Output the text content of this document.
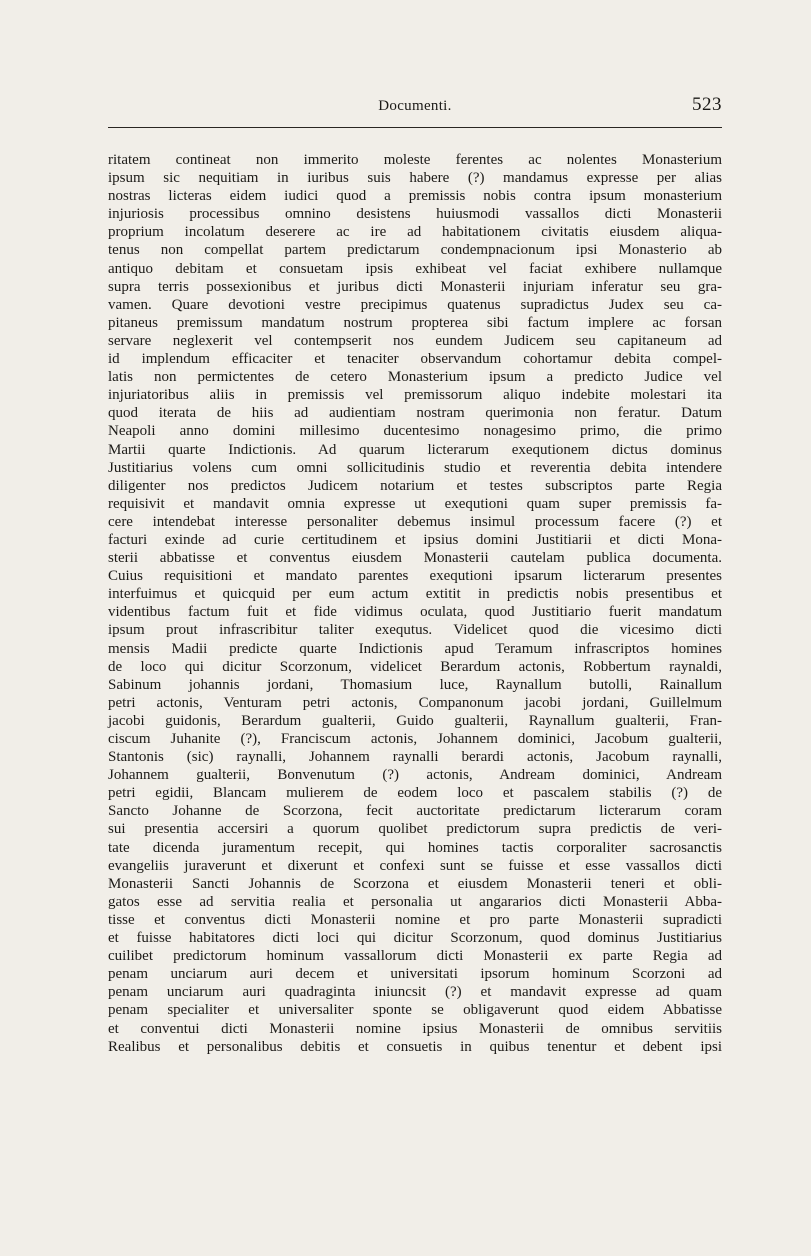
Documenti.	523
ritatem contineat non immerito moleste ferentes ac nolentes Monasterium
ipsum sic nequitiam in iuribus suis habere (?) mandamus expresse per alias
nostras licteras eidem iudici quod a premissis nobis contra ipsum monasterium
injuriosis processibus omnino desistens huiusmodi vassallos dicti Monasterii
proprium incolatum deserere ac ire ad habitationem civitatis eiusdem aliqua-
tenus non compellat partem predictarum condempnacionum ipsi Monasterio ab
antiquo debitam et consuetam ipsis exhibeat vel faciat exhibere nullamque
supra terris possexionibus et juribus dicti Monasterii injuriam inferatur seu gra-
vamen. Quare devotioni vestre precipimus quatenus supradictus Judex seu ca-
pitaneus premissum mandatum nostrum propterea sibi factum implere ac forsan
servare neglexerit vel contempserit nos eundem Judicem seu capitaneum ad
id implendum efficaciter et tenaciter observandum cohortamur debita compel-
latis non permictentes de cetero Monasterium ipsum a predicto Judice vel
injuriatoribus aliis in premissis vel premissorum aliquo indebite molestari ita
quod iterata de hiis ad audientiam nostram querimonia non feratur. Datum
Neapoli anno domini millesimo ducentesimo nonagesimo primo, die primo
Martii quarte Indictionis. Ad quarum licterarum exequtionem dictus dominus
Justitiarius volens cum omni sollicitudinis studio et reverentia debita intendere
diligenter nos predictos Judicem notarium et testes subscriptos parte Regia
requisivit et mandavit omnia expresse ut exequtioni quam super premissis fa-
cere intendebat interesse personaliter debemus insimul processum facere (?) et
facturi exinde ad curie certitudinem et ipsius domini Justitiarii et dicti Mona-
sterii abbatisse et conventus eiusdem Monasterii cautelam publica documenta.
Cuius requisitioni et mandato parentes exequtioni ipsarum licterarum presentes
interfuimus et quicquid per eum actum extitit in predictis nobis presentibus et
videntibus factum fuit et fide vidimus oculata, quod Justitiario fuerit mandatum
ipsum prout infrascribitur taliter exequtus. Videlicet quod die vicesimo dicti
mensis Madii predicte quarte Indictionis apud Teramum infrascriptos homines
de loco qui dicitur Scorzonum, videlicet Berardum actonis, Robbertum raynaldi,
Sabinum johannis jordani, Thomasium luce, Raynallum butolli, Rainallum
petri actonis, Venturam petri actonis, Companonum jacobi jordani, Guillelmum
jacobi guidonis, Berardum gualterii, Guido gualterii, Raynallum gualterii, Fran-
ciscum Juhanite (?), Franciscum actonis, Johannem dominici, Jacobum gualterii,
Stantonis (sic) raynalli, Johannem raynalli berardi actonis, Jacobum raynalli,
Johannem gualterii, Bonvenutum (?) actonis, Andream dominici, Andream
petri egidii, Blancam mulierem de eodem loco et pascalem stabilis (?) de
Sancto Johanne de Scorzona, fecit auctoritate predictarum licterarum coram
sui presentia accersiri a quorum quolibet predictorum supra predictis de veri-
tate dicenda juramentum recepit, qui homines tactis corporaliter sacrosanctis
evangeliis juraverunt et dixerunt et confexi sunt se fuisse et esse vassallos dicti
Monasterii Sancti Johannis de Scorzona et eiusdem Monasterii teneri et obli-
gatos esse ad servitia realia et personalia ut angararios dicti Monasterii Abba-
tisse et conventus dicti Monasterii nomine et pro parte Monasterii supradicti
et fuisse habitatores dicti loci qui dicitur Scorzonum, quod dominus Justitiarius
cuilibet predictorum hominum vassallorum dicti Monasterii ex parte Regia ad
penam unciarum auri decem et universitati ipsorum hominum Scorzoni ad
penam unciarum auri quadraginta iniuncsit (?) et mandavit expresse ad quam
penam specialiter et universaliter sponte se obligaverunt quod eidem Abbatisse
et conventui dicti Monasterii nomine ipsius Monasterii de omnibus servitiis
Realibus et personalibus debitis et consuetis in quibus tenentur et debent ipsi
